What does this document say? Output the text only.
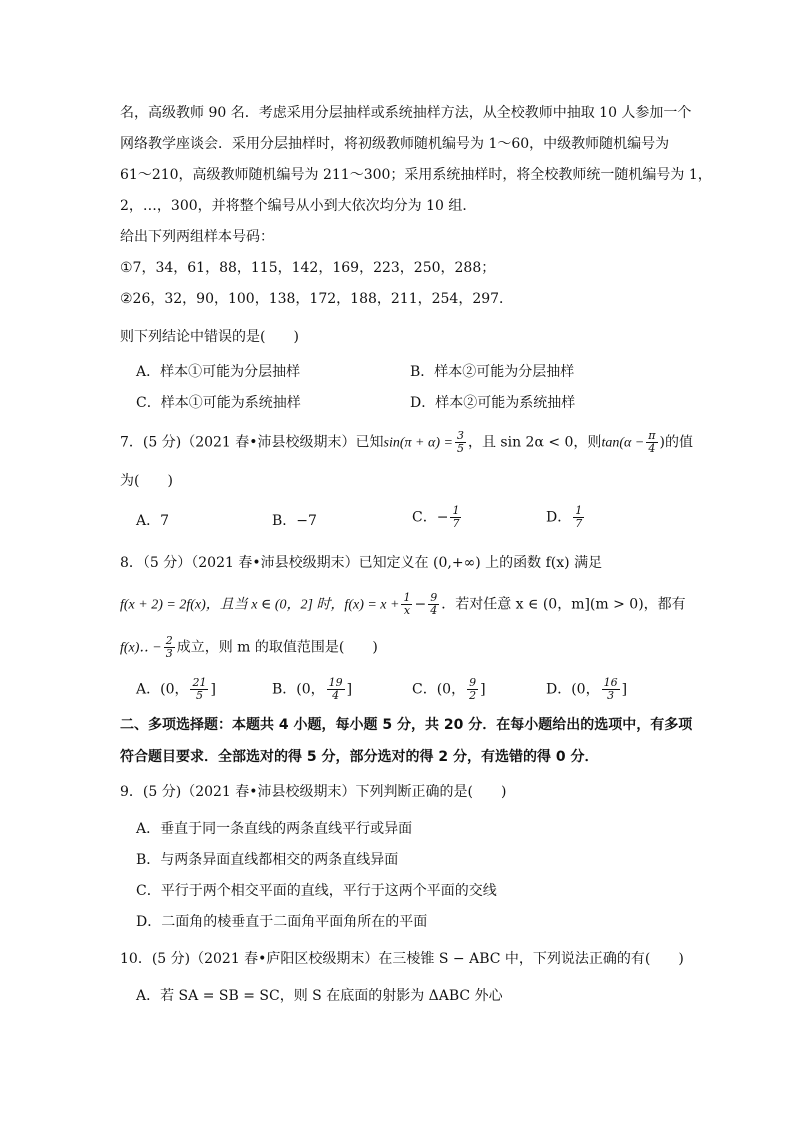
名，高级教师 90 名．考虑采用分层抽样或系统抽样方法，从全校教师中抽取 10 人参加一个
网络教学座谈会．采用分层抽样时，将初级教师随机编号为 1～60，中级教师随机编号为
61～210，高级教师随机编号为 211～300；采用系统抽样时，将全校教师统一随机编号为 1，
2，…，300，并将整个编号从小到大依次均分为 10 组．
给出下列两组样本号码：
①7，34，61，88，115，142，169，223，250，288；
②26，32，90，100，138，172，188，211，254，297．
则下列结论中错误的是(　　)
A．样本①可能为分层抽样	B．样本②可能为分层抽样
C．样本①可能为系统抽样	D．样本②可能为系统抽样
7．(5 分)（2021 春•沛县校级期末）已知$\sin(\pi + \alpha) = \frac{3}{5}$ ，且 sin 2α < 0，则$\tan(\alpha - \frac{\pi}{4}$ )的值
为(　　)
A．7	B．−7	C．− $\frac{1}{7}$	D． $\frac{1}{7}$
8．（5 分）（2021 春•沛县校级期末）已知定义在 (0,+∞) 上的函数 f(x) 满足
f(x + 2) = 2f(x)，且当 x ∈ (0，2] 时，$f(x) = x + \frac{1}{x} - \frac{9}{4}$ ．若对任意 x ∈ (0，m](m > 0)，都有
f(x)‥ − $\frac{2}{3}$ 成立，则 m 的取值范围是(　　)
A．(0， $\frac{21}{5}$ ]	B．(0， $\frac{19}{4}$ ]	C．(0， $\frac{9}{2}$ ]	D．(0， $\frac{16}{3}$ ]
二、多项选择题：本题共 4 小题，每小题 5 分，共 20 分．在每小题给出的选项中，有多项
符合题目要求．全部选对的得 5 分，部分选对的得 2 分，有选错的得 0 分．
9．(5 分)（2021 春•沛县校级期末）下列判断正确的是(　　)
A．垂直于同一条直线的两条直线平行或异面
B．与两条异面直线都相交的两条直线异面
C．平行于两个相交平面的直线，平行于这两个平面的交线
D．二面角的棱垂直于二面角平面角所在的平面
10．(5 分)（2021 春•庐阳区校级期末）在三棱锥 S − ABC 中，下列说法正确的有(　　)
A．若 SA = SB = SC，则 S 在底面的射影为 ΔABC 外心
